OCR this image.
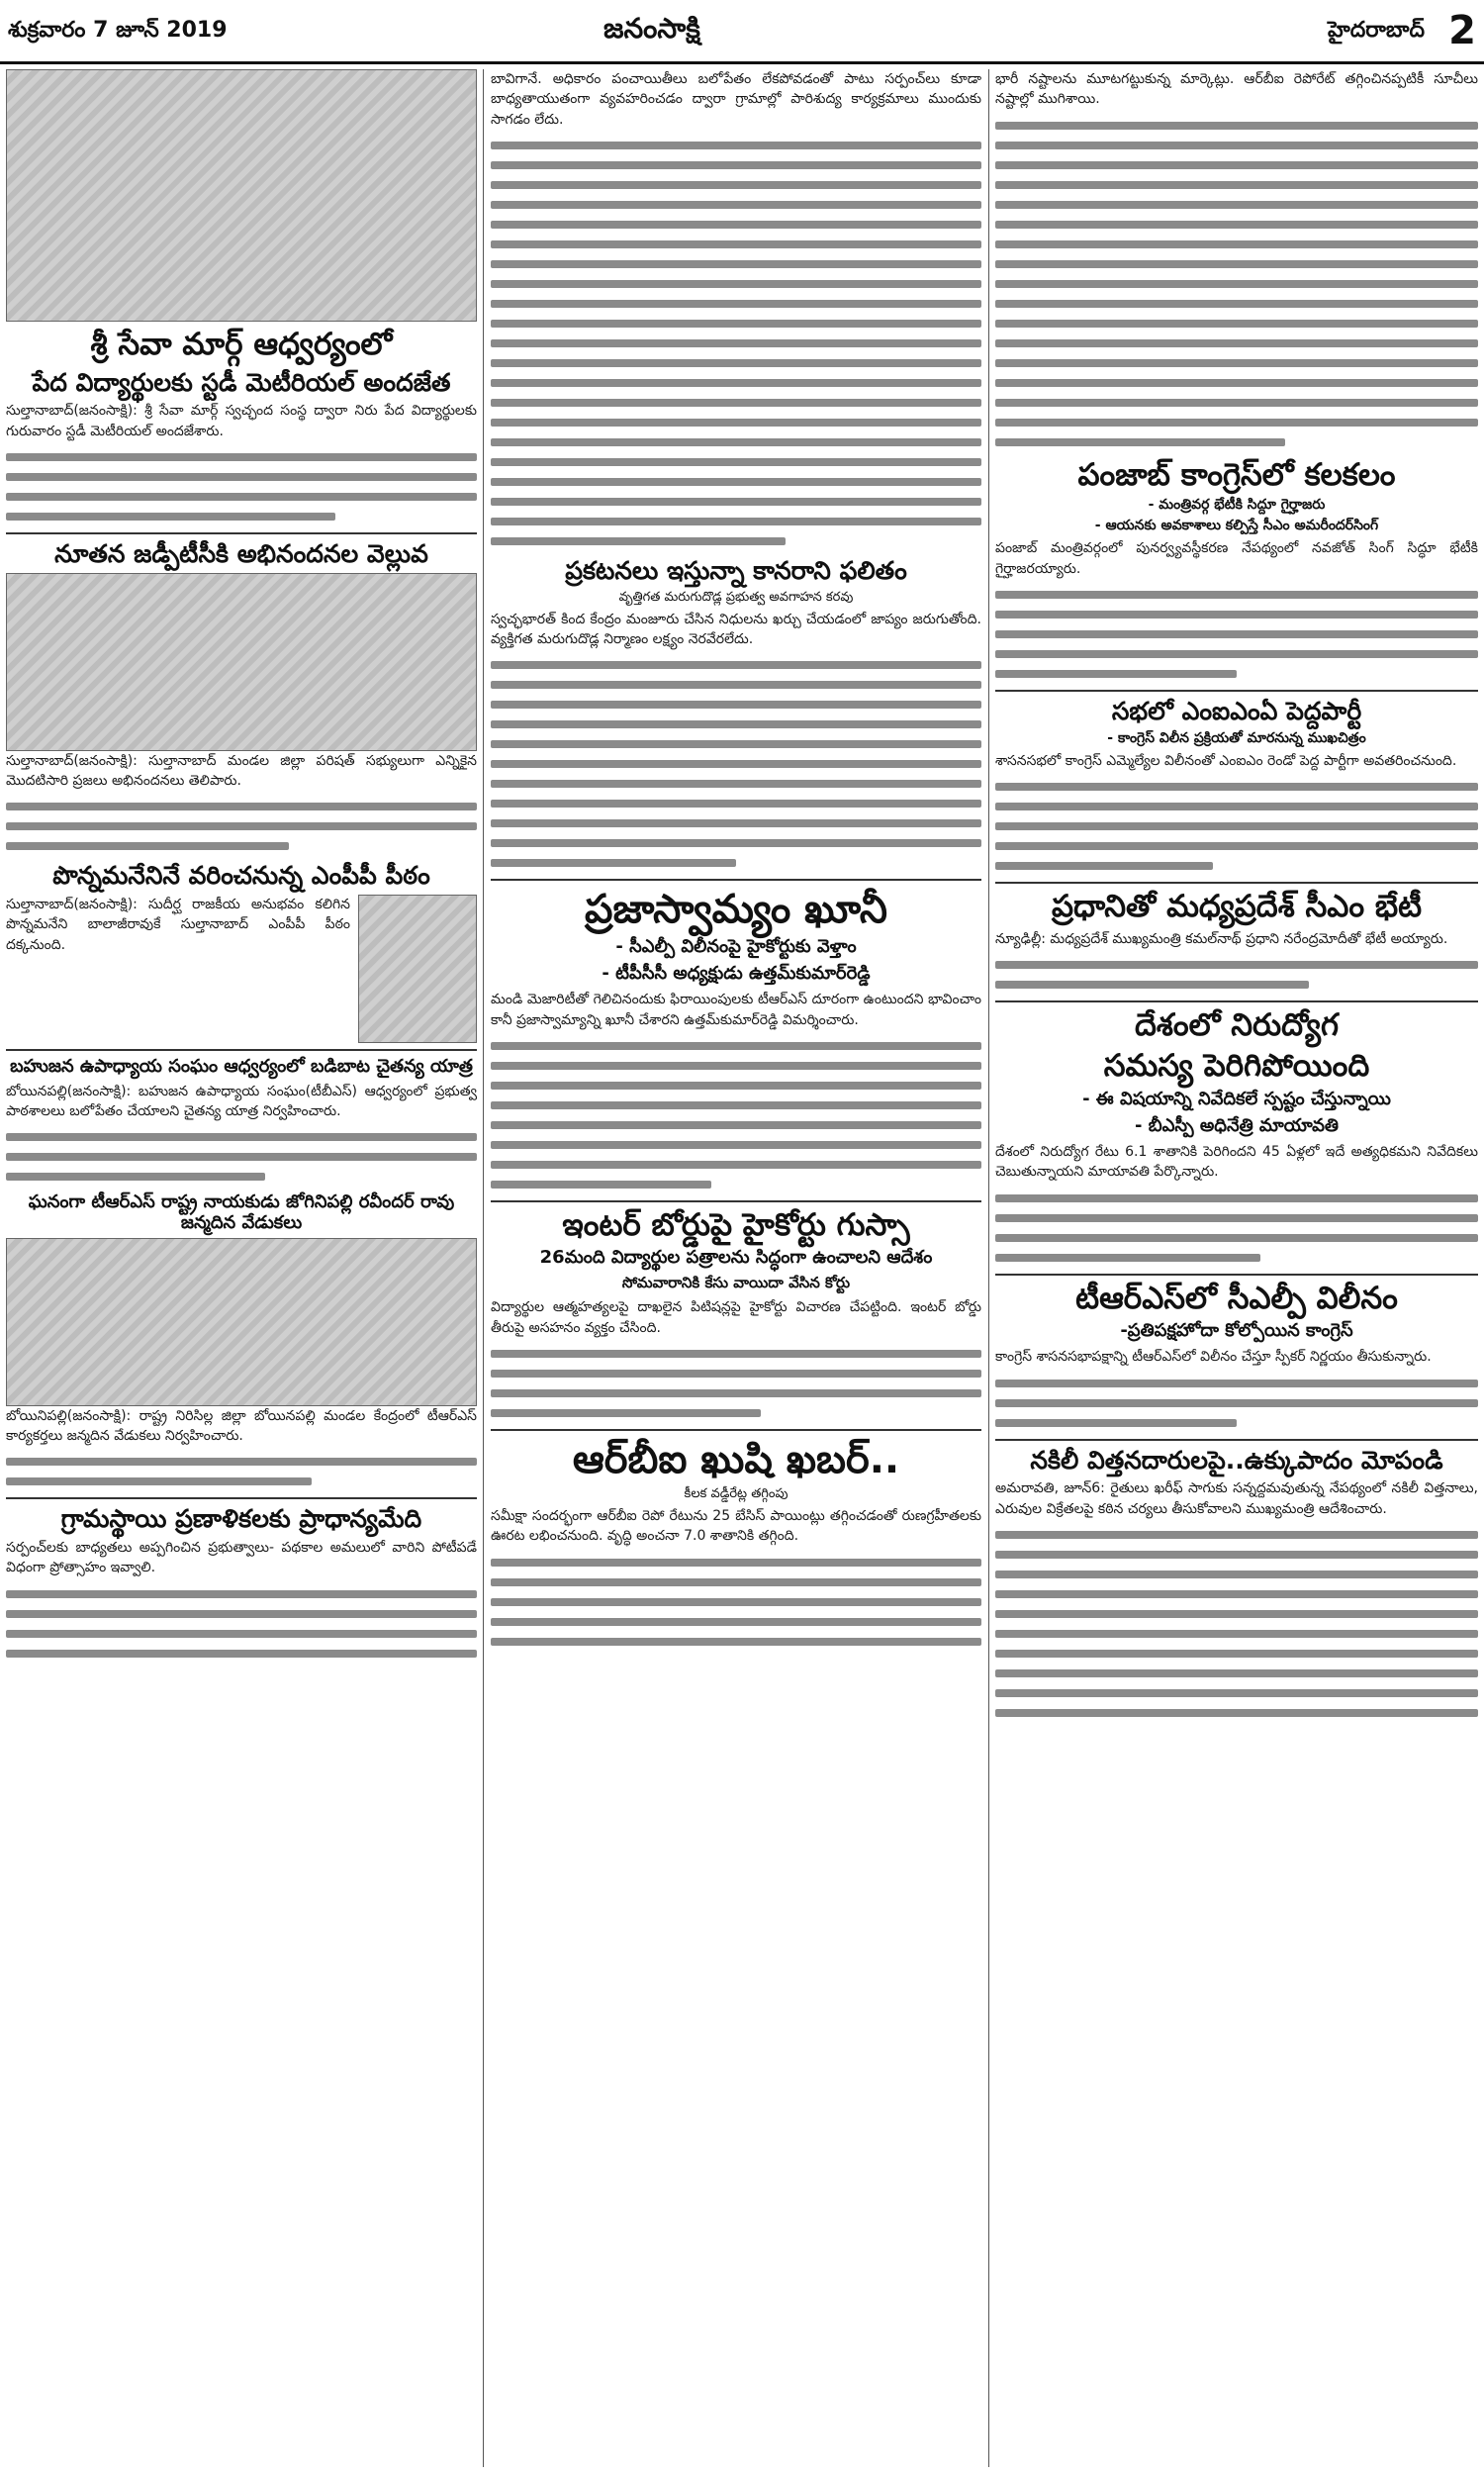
శుక్రవారం 7 జూన్ 2019	జనంసాక్షి	హైదరాబాద్ 2
శ్రీ సేవా మార్గ్ ఆధ్వర్యంలో
పేద విద్యార్థులకు స్టడీ మెటీరియల్ అందజేత

సుల్తానాబాద్(జనంసాక్షి): శ్రీ సేవా మార్గ్ స్వచ్ఛంద సంస్థ ద్వారా నిరు పేద విద్యార్థులకు గురువారం స్టడీ మెటీరియల్ అందజేశారు.

నూతన జడ్పీటీసీకి అభినందనల వెల్లువ

సుల్తానాబాద్(జనంసాక్షి): సుల్తానాబాద్ మండల జిల్లా పరిషత్ సభ్యులుగా ఎన్నికైన మొదటిసారి ప్రజలు అభినందనలు తెలిపారు.

పొన్నమనేనినే వరించనున్న ఎంపీపీ పీఠం

సుల్తానాబాద్(జనంసాక్షి): సుదీర్ఘ రాజకీయ అనుభవం కలిగిన పొన్నమనేని బాలాజీరావుకే సుల్తానాబాద్ ఎంపీపీ పీఠం దక్కనుంది.

బహుజన ఉపాధ్యాయ సంఘం ఆధ్వర్యంలో బడిబాట చైతన్య యాత్ర

బోయినపల్లి(జనంసాక్షి): బహుజన ఉపాధ్యాయ సంఘం(టీబీఎస్) ఆధ్వర్యంలో ప్రభుత్వ పాఠశాలలు బలోపేతం చేయాలని చైతన్య యాత్ర నిర్వహించారు.

ఘనంగా టీఆర్ఎస్ రాష్ట్ర నాయకుడు జోగినిపల్లి రవీందర్ రావు జన్మదిన వేడుకలు

బోయినిపల్లి(జనంసాక్షి): రాష్ట్ర నిరిసిల్ల జిల్లా బోయినపల్లి మండల కేంద్రంలో టీఆర్ఎస్ కార్యకర్తలు జన్మదిన వేడుకలు నిర్వహించారు.

గ్రామస్థాయి ప్రణాళికలకు ప్రాధాన్యమేది

సర్పంచ్‌లకు బాధ్యతలు అప్పగించిన ప్రభుత్వాలు- పథకాల అమలులో వారిని పోటీపడే విధంగా ప్రోత్సాహం ఇవ్వాలి.

బావిగానే. అధికారం పంచాయితీలు బలోపేతం లేకపోవడంతో పాటు సర్పంచ్‌లు కూడా బాధ్యతాయుతంగా వ్యవహరించడం ద్వారా గ్రామాల్లో పారిశుద్య కార్యక్రమాలు ముందుకు సాగడం లేదు.

ప్రకటనలు ఇస్తున్నా కానరాని ఫలితం
వృత్తిగత మరుగుదొడ్ల ప్రభుత్వ అవగాహన కరవు

స్వచ్ఛభారత్ కింద కేంద్రం మంజూరు చేసిన నిధులను ఖర్చు చేయడంలో జాప్యం జరుగుతోంది. వ్యక్తిగత మరుగుదొడ్ల నిర్మాణం లక్ష్యం నెరవేరలేదు.

ప్రజాస్వామ్యం ఖూనీ
- సీఎల్పీ విలీనంపై హైకోర్టుకు వెళ్తాం
- టీపీసీసీ అధ్యక్షుడు ఉత్తమ్‌కుమార్‌రెడ్డి

మండి మెజారిటీతో గెలిచినందుకు ఫిరాయింపులకు టీఆర్ఎస్ దూరంగా ఉంటుందని భావించాం కానీ ప్రజాస్వామ్యాన్ని ఖూనీ చేశారని ఉత్తమ్‌కుమార్‌రెడ్డి విమర్శించారు.

ఇంటర్ బోర్డుపై హైకోర్టు గుస్సా
26మంది విద్యార్థుల పత్రాలను సిద్ధంగా ఉంచాలని ఆదేశం
సోమవారానికి కేసు వాయిదా వేసిన కోర్టు

విద్యార్థుల ఆత్మహత్యలపై దాఖలైన పిటిషన్లపై హైకోర్టు విచారణ చేపట్టింది. ఇంటర్ బోర్డు తీరుపై అసహనం వ్యక్తం చేసింది.

ఆర్‌బీఐ ఖుషి ఖబర్..
కీలక వడ్డీరేట్ల తగ్గింపు

సమీక్షా సందర్భంగా ఆర్‌బీఐ రెపో రేటును 25 బేసిస్ పాయింట్లు తగ్గించడంతో రుణగ్రహీతలకు ఊరట లభించనుంది. వృద్ధి అంచనా 7.0 శాతానికి తగ్గింది.

భారీ నష్టాలను మూటగట్టుకున్న మార్కెట్లు. ఆర్‌బీఐ రెపోరేట్ తగ్గించినప్పటికీ సూచీలు నష్టాల్లో ముగిశాయి.

పంజాబ్ కాంగ్రెస్‌లో కలకలం
- మంత్రివర్గ భేటీకి సిద్దూ గైర్హాజరు
- ఆయనకు అవకాశాలు కల్పిస్తే సీఎం అమరీందర్‌సింగ్

పంజాబ్ మంత్రివర్గంలో పునర్వ్యవస్థీకరణ నేపథ్యంలో నవజోత్ సింగ్ సిద్ధూ భేటీకి గైర్హాజరయ్యారు.

సభలో ఎంఐఎంఏ పెద్దపార్టీ
- కాంగ్రెస్ విలీన ప్రక్రియతో మారనున్న ముఖచిత్రం

శాసనసభలో కాంగ్రెస్ ఎమ్మెల్యేల విలీనంతో ఎంఐఎం రెండో పెద్ద పార్టీగా అవతరించనుంది.

ప్రధానితో మధ్యప్రదేశ్ సీఎం భేటీ

న్యూఢిల్లీ: మధ్యప్రదేశ్ ముఖ్యమంత్రి కమల్‌నాథ్ ప్రధాని నరేంద్రమోదీతో భేటీ అయ్యారు.

దేశంలో నిరుద్యోగ
సమస్య పెరిగిపోయింది
- ఈ విషయాన్ని నివేదికలే స్పష్టం చేస్తున్నాయి
- బీఎస్పీ అధినేత్రి మాయావతి

దేశంలో నిరుద్యోగ రేటు 6.1 శాతానికి పెరిగిందని 45 ఏళ్లలో ఇదే అత్యధికమని నివేదికలు చెబుతున్నాయని మాయావతి పేర్కొన్నారు.

టీఆర్ఎస్‌లో సీఎల్పీ విలీనం
-ప్రతిపక్షహోదా కోల్పోయిన కాంగ్రెస్

కాంగ్రెస్ శాసనసభాపక్షాన్ని టీఆర్ఎస్‌లో విలీనం చేస్తూ స్పీకర్ నిర్ణయం తీసుకున్నారు.

నకిలీ విత్తనదారులపై..ఉక్కుపాదం మోపండి

అమరావతి, జూన్6: రైతులు ఖరీఫ్ సాగుకు సన్నద్దమవుతున్న నేపథ్యంలో నకిలీ విత్తనాలు, ఎరువుల విక్రేతలపై కఠిన చర్యలు తీసుకోవాలని ముఖ్యమంత్రి ఆదేశించారు.
